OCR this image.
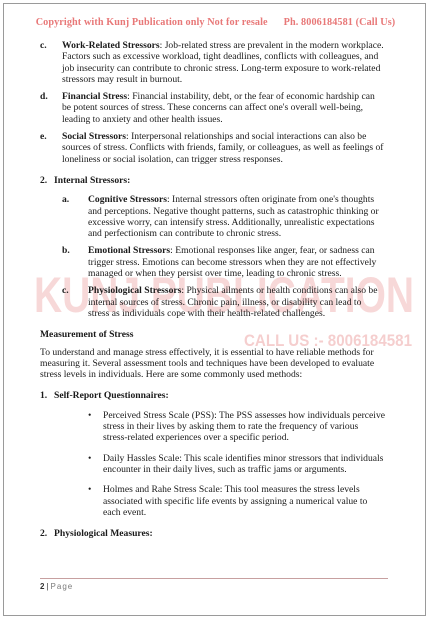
Copyright with Kunj Publication only Not for resale Ph. 8006184581 (Call Us)
KUNJ PUBLICATION
CALL US :- 8006184581
c. Work-Related Stressors: Job-related stress are prevalent in the modern workplace. Factors such as excessive workload, tight deadlines, conflicts with colleagues, and job insecurity can contribute to chronic stress. Long-term exposure to work-related stressors may result in burnout.
d. Financial Stress: Financial instability, debt, or the fear of economic hardship can be potent sources of stress. These concerns can affect one's overall well-being, leading to anxiety and other health issues.
e. Social Stressors: Interpersonal relationships and social interactions can also be sources of stress. Conflicts with friends, family, or colleagues, as well as feelings of loneliness or social isolation, can trigger stress responses.
2. Internal Stressors:
a. Cognitive Stressors: Internal stressors often originate from one's thoughts and perceptions. Negative thought patterns, such as catastrophic thinking or excessive worry, can intensify stress. Additionally, unrealistic expectations and perfectionism can contribute to chronic stress.
b. Emotional Stressors: Emotional responses like anger, fear, or sadness can trigger stress. Emotions can become stressors when they are not effectively managed or when they persist over time, leading to chronic stress.
c. Physiological Stressors: Physical ailments or health conditions can also be internal sources of stress. Chronic pain, illness, or disability can lead to stress as individuals cope with their health-related challenges.
Measurement of Stress
To understand and manage stress effectively, it is essential to have reliable methods for measuring it. Several assessment tools and techniques have been developed to evaluate stress levels in individuals. Here are some commonly used methods:
1. Self-Report Questionnaires:
• Perceived Stress Scale (PSS): The PSS assesses how individuals perceive stress in their lives by asking them to rate the frequency of various stress-related experiences over a specific period.
• Daily Hassles Scale: This scale identifies minor stressors that individuals encounter in their daily lives, such as traffic jams or arguments.
• Holmes and Rahe Stress Scale: This tool measures the stress levels associated with specific life events by assigning a numerical value to each event.
2. Physiological Measures:
2 | Page
